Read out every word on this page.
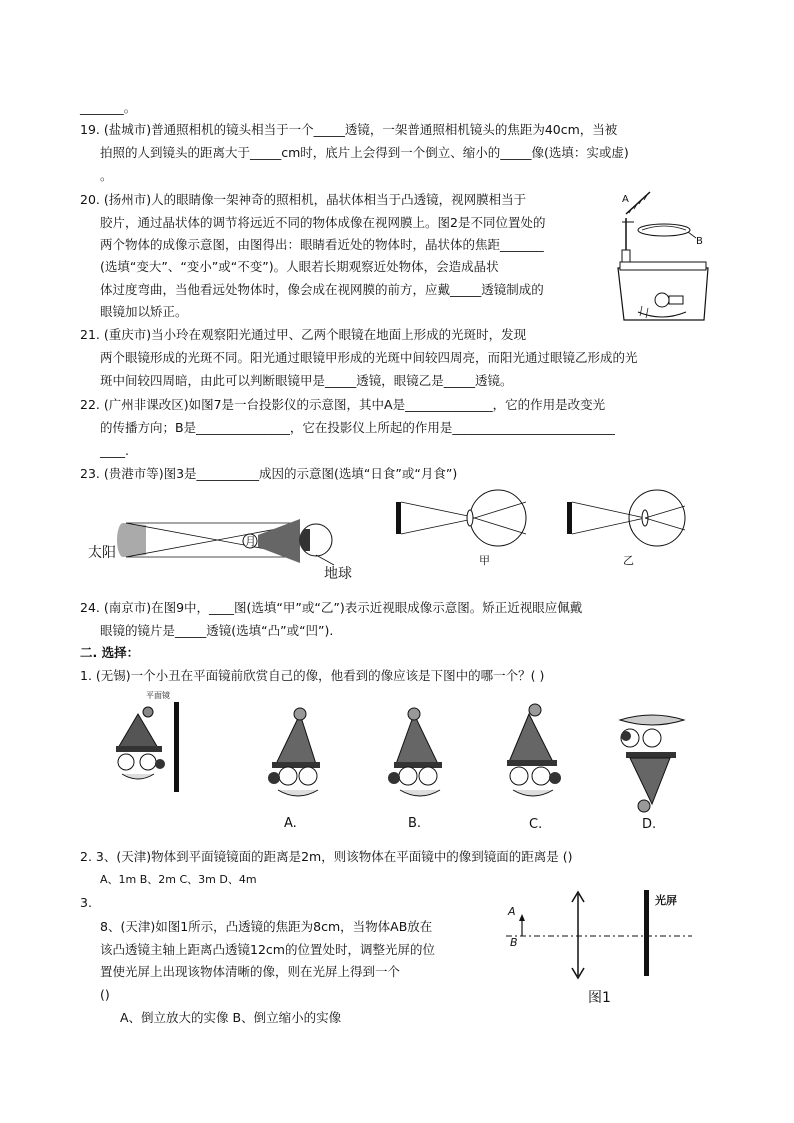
_______。
19. (盐城市)普通照相机的镜头相当于一个_____透镜，一架普通照相机镜头的焦距为40cm，当被
拍照的人到镜头的距离大于_____cm时，底片上会得到一个倒立、缩小的_____像(选填：实或虚)
。
20. (扬州市)人的眼睛像一架神奇的照相机，晶状体相当于凸透镜，视网膜相当于
胶片，通过晶状体的调节将远近不同的物体成像在视网膜上。图2是不同位置处的
两个物体的成像示意图，由图得出：眼睛看近处的物体时，晶状体的焦距_______
(选填“变大”、“变小”或“不变”)。人眼若长期观察近处物体，会造成晶状
体过度弯曲，当他看远处物体时，像会成在视网膜的前方，应戴_____透镜制成的
眼镜加以矫正。
21. (重庆市)当小玲在观察阳光通过甲、乙两个眼镜在地面上形成的光斑时，发现
两个眼镜形成的光斑不同。阳光通过眼镜甲形成的光斑中间较四周亮，而阳光通过眼镜乙形成的光
斑中间较四周暗，由此可以判断眼镜甲是_____透镜，眼镜乙是_____透镜。
22. (广州非课改区)如图7是一台投影仪的示意图，其中A是______________，它的作用是改变光
的传播方向；B是_______________，它在投影仪上所起的作用是__________________________
____.
23. (贵港市等)图3是__________成因的示意图(选填“日食”或“月食”)
24. (南京市)在图9中，____图(选填“甲”或“乙”)表示近视眼成像示意图。矫正近视眼应佩戴
眼镜的镜片是_____透镜(选填“凸”或“凹”).
二. 选择：
1. (无锡)一个小丑在平面镜前欣赏自己的像，他看到的像应该是下图中的哪一个？( )
2. 3、(天津)物体到平面镜镜面的距离是2m，则该物体在平面镜中的像到镜面的距离是 ()
A、1m B、2m C、3m D、4m
3.
8、(天津)如图1所示，凸透镜的焦距为8cm，当物体AB放在
该凸透镜主轴上距离凸透镜12cm的位置处时，调整光屏的位
置使光屏上出现该物体清晰的像，则在光屏上得到一个
()
A、倒立放大的实像 B、倒立缩小的实像
A
B
月
太阳
地球
甲	乙
平面镜
A.	B.	C.	D.
A
B
光屏
图1
